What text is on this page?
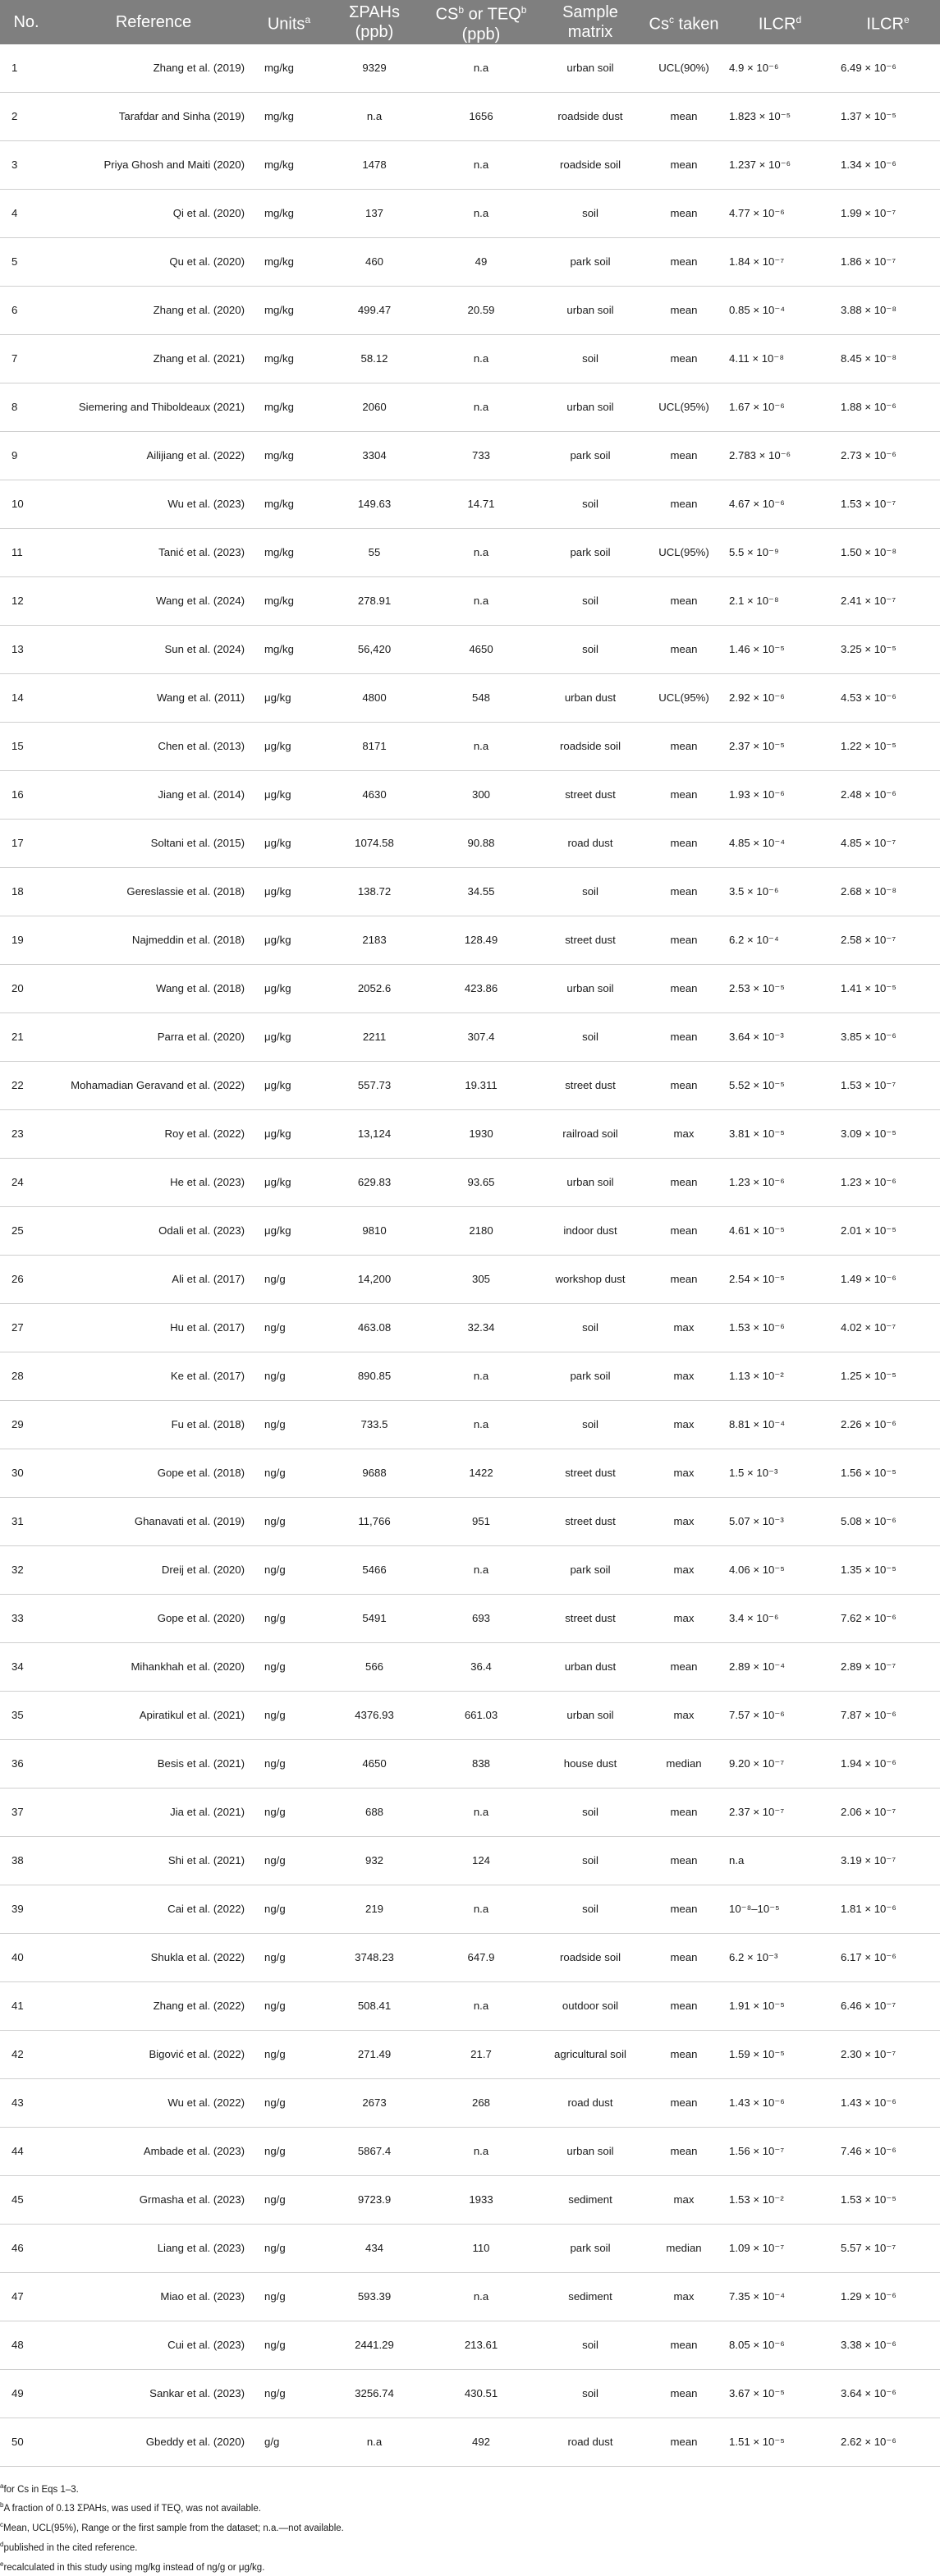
No.	Reference	Units$^a$	ΣPAHs (ppb)	$CS^b$ or TEQ$^b$ (ppb)	Sample matrix	Cs$^c$ taken	ILCR$^d$	ILCR$^e$
1	Zhang et al. (2019)	mg/kg	9329	n.a	urban soil	UCL(90%)	4.9 × 10⁻⁶	6.49 × 10⁻⁶
2	Tarafdar and Sinha (2019)	mg/kg	n.a	1656	roadside dust	mean	1.823 × 10⁻⁵	1.37 × 10⁻⁵
3	Priya Ghosh and Maiti (2020)	mg/kg	1478	n.a	roadside soil	mean	1.237 × 10⁻⁶	1.34 × 10⁻⁶
4	Qi et al. (2020)	mg/kg	137	n.a	soil	mean	4.77 × 10⁻⁶	1.99 × 10⁻⁷
5	Qu et al. (2020)	mg/kg	460	49	park soil	mean	1.84 × 10⁻⁷	1.86 × 10⁻⁷
6	Zhang et al. (2020)	mg/kg	499.47	20.59	urban soil	mean	0.85 × 10⁻⁴	3.88 × 10⁻⁸
7	Zhang et al. (2021)	mg/kg	58.12	n.a	soil	mean	4.11 × 10⁻⁸	8.45 × 10⁻⁸
8	Siemering and Thiboldeaux (2021)	mg/kg	2060	n.a	urban soil	UCL(95%)	1.67 × 10⁻⁶	1.88 × 10⁻⁶
9	Ailijiang et al. (2022)	mg/kg	3304	733	park soil	mean	2.783 × 10⁻⁶	2.73 × 10⁻⁶
10	Wu et al. (2023)	mg/kg	149.63	14.71	soil	mean	4.67 × 10⁻⁶	1.53 × 10⁻⁷
11	Tanić et al. (2023)	mg/kg	55	n.a	park soil	UCL(95%)	5.5 × 10⁻⁹	1.50 × 10⁻⁸
12	Wang et al. (2024)	mg/kg	278.91	n.a	soil	mean	2.1 × 10⁻⁸	2.41 × 10⁻⁷
13	Sun et al. (2024)	mg/kg	56,420	4650	soil	mean	1.46 × 10⁻⁵	3.25 × 10⁻⁵
14	Wang et al. (2011)	μg/kg	4800	548	urban dust	UCL(95%)	2.92 × 10⁻⁶	4.53 × 10⁻⁶
15	Chen et al. (2013)	μg/kg	8171	n.a	roadside soil	mean	2.37 × 10⁻⁵	1.22 × 10⁻⁵
16	Jiang et al. (2014)	μg/kg	4630	300	street dust	mean	1.93 × 10⁻⁶	2.48 × 10⁻⁶
17	Soltani et al. (2015)	μg/kg	1074.58	90.88	road dust	mean	4.85 × 10⁻⁴	4.85 × 10⁻⁷
18	Gereslassie et al. (2018)	μg/kg	138.72	34.55	soil	mean	3.5 × 10⁻⁶	2.68 × 10⁻⁸
19	Najmeddin et al. (2018)	μg/kg	2183	128.49	street dust	mean	6.2 × 10⁻⁴	2.58 × 10⁻⁷
20	Wang et al. (2018)	μg/kg	2052.6	423.86	urban soil	mean	2.53 × 10⁻⁵	1.41 × 10⁻⁵
21	Parra et al. (2020)	μg/kg	2211	307.4	soil	mean	3.64 × 10⁻³	3.85 × 10⁻⁶
22	Mohamadian Geravand et al. (2022)	μg/kg	557.73	19.311	street dust	mean	5.52 × 10⁻⁵	1.53 × 10⁻⁷
23	Roy et al. (2022)	μg/kg	13,124	1930	railroad soil	max	3.81 × 10⁻⁵	3.09 × 10⁻⁵
24	He et al. (2023)	μg/kg	629.83	93.65	urban soil	mean	1.23 × 10⁻⁶	1.23 × 10⁻⁶
25	Odali et al. (2023)	μg/kg	9810	2180	indoor dust	mean	4.61 × 10⁻⁵	2.01 × 10⁻⁵
26	Ali et al. (2017)	ng/g	14,200	305	workshop dust	mean	2.54 × 10⁻⁵	1.49 × 10⁻⁶
27	Hu et al. (2017)	ng/g	463.08	32.34	soil	max	1.53 × 10⁻⁶	4.02 × 10⁻⁷
28	Ke et al. (2017)	ng/g	890.85	n.a	park soil	max	1.13 × 10⁻²	1.25 × 10⁻⁵
29	Fu et al. (2018)	ng/g	733.5	n.a	soil	max	8.81 × 10⁻⁴	2.26 × 10⁻⁶
30	Gope et al. (2018)	ng/g	9688	1422	street dust	max	1.5 × 10⁻³	1.56 × 10⁻⁵
31	Ghanavati et al. (2019)	ng/g	11,766	951	street dust	max	5.07 × 10⁻³	5.08 × 10⁻⁶
32	Dreij et al. (2020)	ng/g	5466	n.a	park soil	max	4.06 × 10⁻⁵	1.35 × 10⁻⁵
33	Gope et al. (2020)	ng/g	5491	693	street dust	max	3.4 × 10⁻⁶	7.62 × 10⁻⁶
34	Mihankhah et al. (2020)	ng/g	566	36.4	urban dust	mean	2.89 × 10⁻⁴	2.89 × 10⁻⁷
35	Apiratikul et al. (2021)	ng/g	4376.93	661.03	urban soil	max	7.57 × 10⁻⁶	7.87 × 10⁻⁶
36	Besis et al. (2021)	ng/g	4650	838	house dust	median	9.20 × 10⁻⁷	1.94 × 10⁻⁶
37	Jia et al. (2021)	ng/g	688	n.a	soil	mean	2.37 × 10⁻⁷	2.06 × 10⁻⁷
38	Shi et al. (2021)	ng/g	932	124	soil	mean	n.a	3.19 × 10⁻⁷
39	Cai et al. (2022)	ng/g	219	n.a	soil	mean	10⁻⁸–10⁻⁵	1.81 × 10⁻⁶
40	Shukla et al. (2022)	ng/g	3748.23	647.9	roadside soil	mean	6.2 × 10⁻³	6.17 × 10⁻⁶
41	Zhang et al. (2022)	ng/g	508.41	n.a	outdoor soil	mean	1.91 × 10⁻⁵	6.46 × 10⁻⁷
42	Bigović et al. (2022)	ng/g	271.49	21.7	agricultural soil	mean	1.59 × 10⁻⁵	2.30 × 10⁻⁷
43	Wu et al. (2022)	ng/g	2673	268	road dust	mean	1.43 × 10⁻⁶	1.43 × 10⁻⁶
44	Ambade et al. (2023)	ng/g	5867.4	n.a	urban soil	mean	1.56 × 10⁻⁷	7.46 × 10⁻⁶
45	Grmasha et al. (2023)	ng/g	9723.9	1933	sediment	max	1.53 × 10⁻²	1.53 × 10⁻⁵
46	Liang et al. (2023)	ng/g	434	110	park soil	median	1.09 × 10⁻⁷	5.57 × 10⁻⁷
47	Miao et al. (2023)	ng/g	593.39	n.a	sediment	max	7.35 × 10⁻⁴	1.29 × 10⁻⁶
48	Cui et al. (2023)	ng/g	2441.29	213.61	soil	mean	8.05 × 10⁻⁶	3.38 × 10⁻⁶
49	Sankar et al. (2023)	ng/g	3256.74	430.51	soil	mean	3.67 × 10⁻⁵	3.64 × 10⁻⁶
50	Gbeddy et al. (2020)	g/g	n.a	492	road dust	mean	1.51 × 10⁻⁵	2.62 × 10⁻⁶
$^a$for Cs in Eqs 1–3.
$^b$A fraction of 0.13 ΣPAHs, was used if TEQ, was not available.
$^c$Mean, UCL(95%), Range or the first sample from the dataset; n.a.—not available.
$^d$published in the cited reference.
$^e$recalculated in this study using mg/kg instead of ng/g or μg/kg.
